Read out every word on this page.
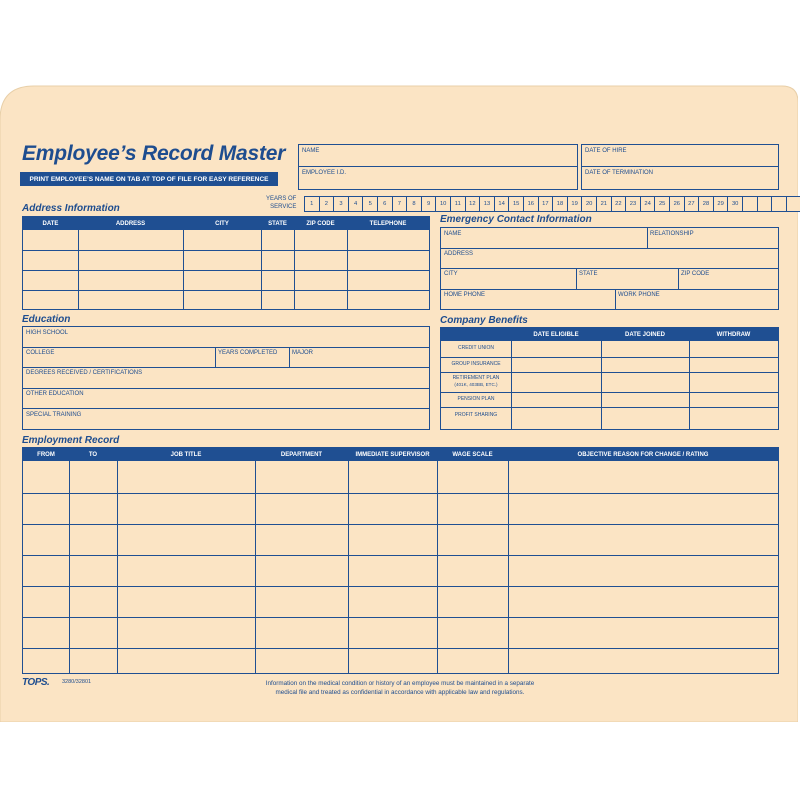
Employee’s Record Master
PRINT EMPLOYEE’S NAME ON TAB AT TOP OF FILE FOR EASY REFERENCE
NAME
EMPLOYEE I.D.
DATE OF HIRE
DATE OF TERMINATION
YEARS OF
SERVICE	1	2	3	4	5	6	7	8	9	10	11	12	13	14	15	16	17	18	19	20	21	22	23	24	25	26	27	28	29	30
Address Information
DATE	ADDRESS	CITY	STATE	ZIP CODE	TELEPHONE	Emergency Contact Information
NAME	RELATIONSHIP
ADDRESS
CITY	STATE	ZIP CODE
HOME PHONE	WORK PHONE
Education
HIGH SCHOOL
COLLEGE	YEARS COMPLETED MAJOR
DEGREES RECEIVED / CERTIFICATIONS
OTHER EDUCATION
SPECIAL TRAINING
Company Benefits
DATE ELIGIBLE	DATE JOINED	WITHDRAW
CREDIT UNION
GROUP INSURANCE
RETIREMENT PLAN
(401K, 403BB, ETC.)
PENSION PLAN
PROFIT SHARING
Employment Record
FROM	TO	JOB TITLE	DEPARTMENT	IMMEDIATE SUPERVISOR	WAGE SCALE	OBJECTIVE REASON FOR CHANGE / RATING
TOPS. 3280/32801	Information on the medical condition or history of an employee must be maintained in a separate
medical file and treated as confidential in accordance with applicable law and regulations.
